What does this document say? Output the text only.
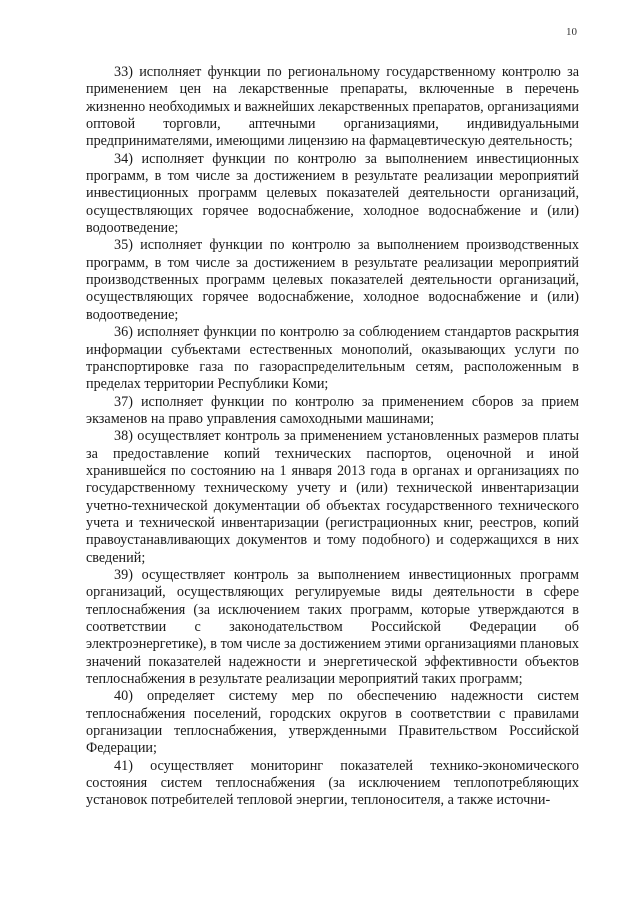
10

33) исполняет функции по региональному государственному контролю за применением цен на лекарственные препараты, включенные в перечень жизненно необходимых и важнейших лекарственных препаратов, организациями оптовой торговли, аптечными организациями, индивидуальными предпринимателями, имеющими лицензию на фармацевтическую деятельность;

34) исполняет функции по контролю за выполнением инвестиционных программ, в том числе за достижением в результате реализации мероприятий инвестиционных программ целевых показателей деятельности организаций, осуществляющих горячее водоснабжение, холодное водоснабжение и (или) водоотведение;

35) исполняет функции по контролю за выполнением производственных программ, в том числе за достижением в результате реализации мероприятий производственных программ целевых показателей деятельности организаций, осуществляющих горячее водоснабжение, холодное водоснабжение и (или) водоотведение;

36) исполняет функции по контролю за соблюдением стандартов раскрытия информации субъектами естественных монополий, оказывающих услуги по транспортировке газа по газораспределительным сетям, расположенным в пределах территории Республики Коми;

37) исполняет функции по контролю за применением сборов за прием экзаменов на право управления самоходными машинами;

38) осуществляет контроль за применением установленных размеров платы за предоставление копий технических паспортов, оценочной и иной хранившейся по состоянию на 1 января 2013 года в органах и организациях по государственному техническому учету и (или) технической инвентаризации учетно-технической документации об объектах государственного технического учета и технической инвентаризации (регистрационных книг, реестров, копий правоустанавливающих документов и тому подобного) и содержащихся в них сведений;

39) осуществляет контроль за выполнением инвестиционных программ организаций, осуществляющих регулируемые виды деятельности в сфере теплоснабжения (за исключением таких программ, которые утверждаются в соответствии с законодательством Российской Федерации об электроэнергетике), в том числе за достижением этими организациями плановых значений показателей надежности и энергетической эффективности объектов теплоснабжения в результате реализации мероприятий таких программ;

40) определяет систему мер по обеспечению надежности систем теплоснабжения поселений, городских округов в соответствии с правилами организации теплоснабжения, утвержденными Правительством Российской Федерации;

41) осуществляет мониторинг показателей технико-экономического состояния систем теплоснабжения (за исключением теплопотребляющих установок потребителей тепловой энергии, теплоносителя, а также источни-
